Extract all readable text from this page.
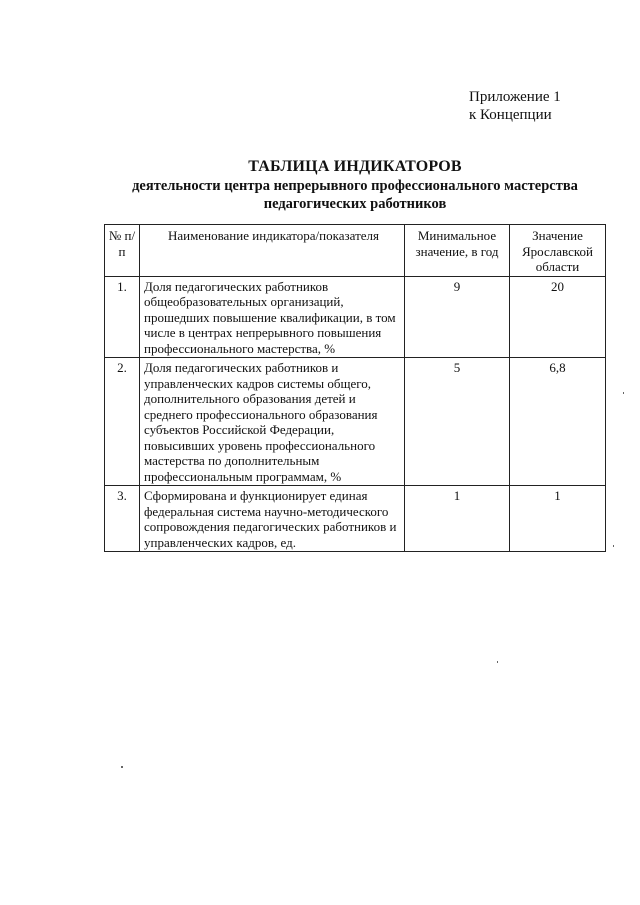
Приложение 1
к Концепции
ТАБЛИЦА ИНДИКАТОРОВ
деятельности центра непрерывного профессионального мастерства
педагогических работников
№ п/п	Наименование индикатора/показателя	Минимальное значение, в год	Значение Ярославской области
1.	Доля педагогических работников общеобразовательных организаций, прошедших повышение квалификации, в том числе в центрах непрерывного повышения профессионального мастерства, %	9	20
2.	Доля педагогических работников и управленческих кадров системы общего, дополнительного образования детей и среднего профессионального образования субъектов Российской Федерации, повысивших уровень профессионального мастерства по дополнительным профессиональным программам, %	5	6,8
3.	Сформирована и функционирует единая федеральная система научно-методического сопровождения педагогических работников и управленческих кадров, ед.	1	1
